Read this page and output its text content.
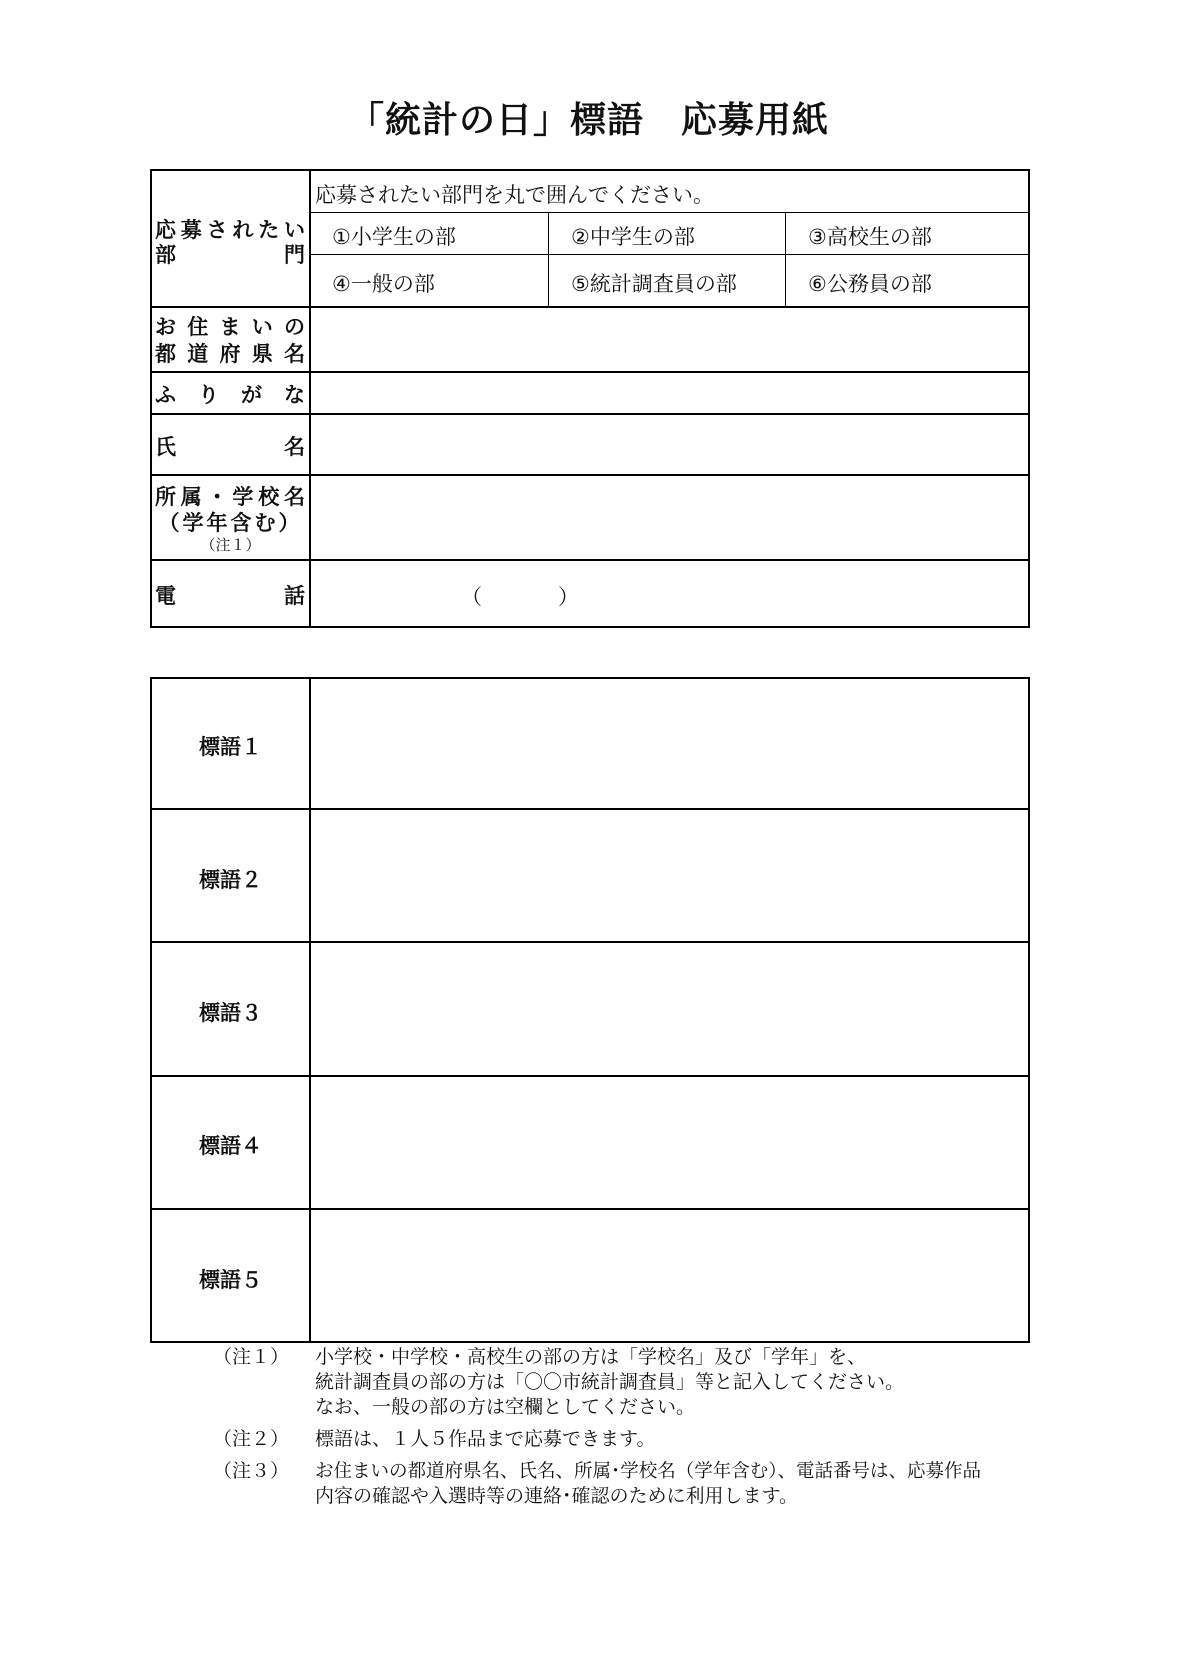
「統計の日」標語　応募用紙
応 募 さ れ た い
部	門
応募されたい部門を丸で囲んでください。
①小学生の部	②中学生の部	③高校生の部
④一般の部	⑤統計調査員の部	⑥公務員の部
お 住 ま い の
都 道 府 県 名
ふ り が な
氏	名
所 属 ・ 学 校 名
（学年含む）
（注１）
電	話	（	）
標語１
標語２
標語３
標語４
標語５
（注１） 小学校・中学校・高校生の部の方は「学校名」及び「学年」を、
統計調査員の部の方は「〇〇市統計調査員」等と記入してください。
なお、一般の部の方は空欄としてください。
（注２） 標語は、１人５作品まで応募できます。
（注３） お住まいの都道府県名、氏名、所属･学校名（学年含む）、電話番号は、応募作品
内容の確認や入選時等の連絡･確認のために利用します。
